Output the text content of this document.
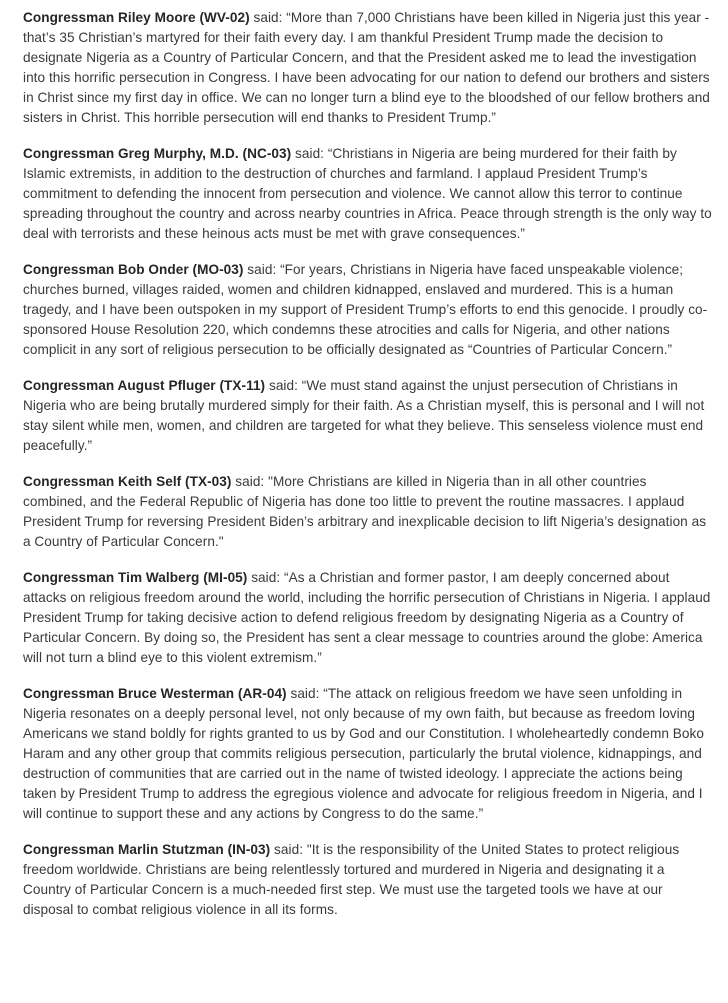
Congressman Riley Moore (WV-02) said: “More than 7,000 Christians have been killed in Nigeria just this year - that’s 35 Christian’s martyred for their faith every day. I am thankful President Trump made the decision to designate Nigeria as a Country of Particular Concern, and that the President asked me to lead the investigation into this horrific persecution in Congress. I have been advocating for our nation to defend our brothers and sisters in Christ since my first day in office. We can no longer turn a blind eye to the bloodshed of our fellow brothers and sisters in Christ. This horrible persecution will end thanks to President Trump.”

Congressman Greg Murphy, M.D. (NC-03) said: “Christians in Nigeria are being murdered for their faith by Islamic extremists, in addition to the destruction of churches and farmland. I applaud President Trump’s commitment to defending the innocent from persecution and violence. We cannot allow this terror to continue spreading throughout the country and across nearby countries in Africa. Peace through strength is the only way to deal with terrorists and these heinous acts must be met with grave consequences.”

Congressman Bob Onder (MO-03) said: “For years, Christians in Nigeria have faced unspeakable violence; churches burned, villages raided, women and children kidnapped, enslaved and murdered. This is a human tragedy, and I have been outspoken in my support of President Trump’s efforts to end this genocide. I proudly co-sponsored House Resolution 220, which condemns these atrocities and calls for Nigeria, and other nations complicit in any sort of religious persecution to be officially designated as “Countries of Particular Concern.”

Congressman August Pfluger (TX-11) said: “We must stand against the unjust persecution of Christians in Nigeria who are being brutally murdered simply for their faith. As a Christian myself, this is personal and I will not stay silent while men, women, and children are targeted for what they believe. This senseless violence must end peacefully.”

Congressman Keith Self (TX-03) said: "More Christians are killed in Nigeria than in all other countries combined, and the Federal Republic of Nigeria has done too little to prevent the routine massacres. I applaud President Trump for reversing President Biden’s arbitrary and inexplicable decision to lift Nigeria’s designation as a Country of Particular Concern."

Congressman Tim Walberg (MI-05) said: “As a Christian and former pastor, I am deeply concerned about attacks on religious freedom around the world, including the horrific persecution of Christians in Nigeria. I applaud President Trump for taking decisive action to defend religious freedom by designating Nigeria as a Country of Particular Concern. By doing so, the President has sent a clear message to countries around the globe: America will not turn a blind eye to this violent extremism.”

Congressman Bruce Westerman (AR-04) said: “The attack on religious freedom we have seen unfolding in Nigeria resonates on a deeply personal level, not only because of my own faith, but because as freedom loving Americans we stand boldly for rights granted to us by God and our Constitution. I wholeheartedly condemn Boko Haram and any other group that commits religious persecution, particularly the brutal violence, kidnappings, and destruction of communities that are carried out in the name of twisted ideology. I appreciate the actions being taken by President Trump to address the egregious violence and advocate for religious freedom in Nigeria, and I will continue to support these and any actions by Congress to do the same.”

Congressman Marlin Stutzman (IN-03) said: "It is the responsibility of the United States to protect religious freedom worldwide. Christians are being relentlessly tortured and murdered in Nigeria and designating it a Country of Particular Concern is a much-needed first step. We must use the targeted tools we have at our disposal to combat religious violence in all its forms.
